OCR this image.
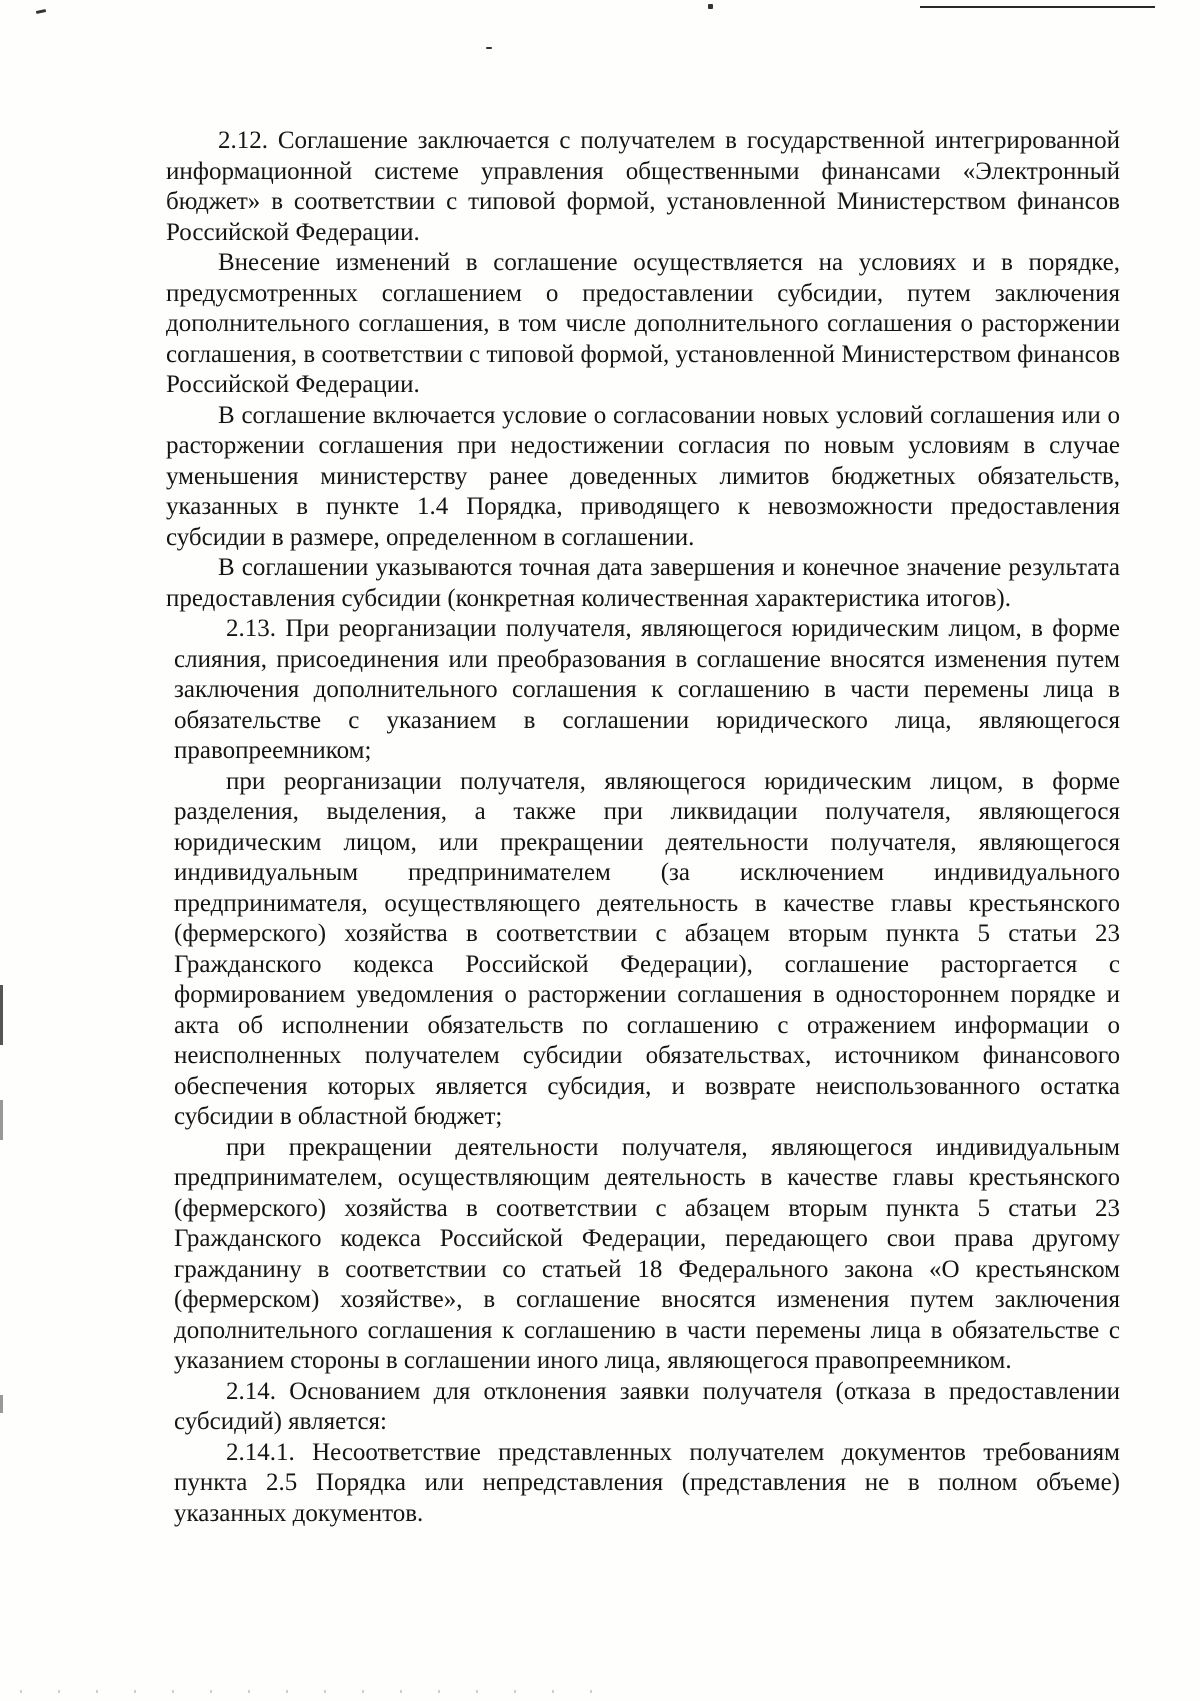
2.12. Соглашение заключается с получателем в государственной интегрированной информационной системе управления общественными финансами «Электронный бюджет» в соответствии с типовой формой, установленной Министерством финансов Российской Федерации.

Внесение изменений в соглашение осуществляется на условиях и в порядке, предусмотренных соглашением о предоставлении субсидии, путем заключения дополнительного соглашения, в том числе дополнительного соглашения о расторжении соглашения, в соответствии с типовой формой, установленной Министерством финансов Российской Федерации.

В соглашение включается условие о согласовании новых условий соглашения или о расторжении соглашения при недостижении согласия по новым условиям в случае уменьшения министерству ранее доведенных лимитов бюджетных обязательств, указанных в пункте 1.4 Порядка, приводящего к невозможности предоставления субсидии в размере, определенном в соглашении.

В соглашении указываются точная дата завершения и конечное значение результата предоставления субсидии (конкретная количественная характеристика итогов).

2.13. При реорганизации получателя, являющегося юридическим лицом, в форме слияния, присоединения или преобразования в соглашение вносятся изменения путем заключения дополнительного соглашения к соглашению в части перемены лица в обязательстве с указанием в соглашении юридического лица, являющегося правопреемником;

при реорганизации получателя, являющегося юридическим лицом, в форме разделения, выделения, а также при ликвидации получателя, являющегося юридическим лицом, или прекращении деятельности получателя, являющегося индивидуальным предпринимателем (за исключением индивидуального предпринимателя, осуществляющего деятельность в качестве главы крестьянского (фермерского) хозяйства в соответствии с абзацем вторым пункта 5 статьи 23 Гражданского кодекса Российской Федерации), соглашение расторгается с формированием уведомления о расторжении соглашения в одностороннем порядке и акта об исполнении обязательств по соглашению с отражением информации о неисполненных получателем субсидии обязательствах, источником финансового обеспечения которых является субсидия, и возврате неиспользованного остатка субсидии в областной бюджет;

при прекращении деятельности получателя, являющегося индивидуальным предпринимателем, осуществляющим деятельность в качестве главы крестьянского (фермерского) хозяйства в соответствии с абзацем вторым пункта 5 статьи 23 Гражданского кодекса Российской Федерации, передающего свои права другому гражданину в соответствии со статьей 18 Федерального закона «О крестьянском (фермерском) хозяйстве», в соглашение вносятся изменения путем заключения дополнительного соглашения к соглашению в части перемены лица в обязательстве с указанием стороны в соглашении иного лица, являющегося правопреемником.

2.14. Основанием для отклонения заявки получателя (отказа в предоставлении субсидий) является:

2.14.1. Несоответствие представленных получателем документов требованиям пункта 2.5 Порядка или непредставления (представления не в полном объеме) указанных документов.
